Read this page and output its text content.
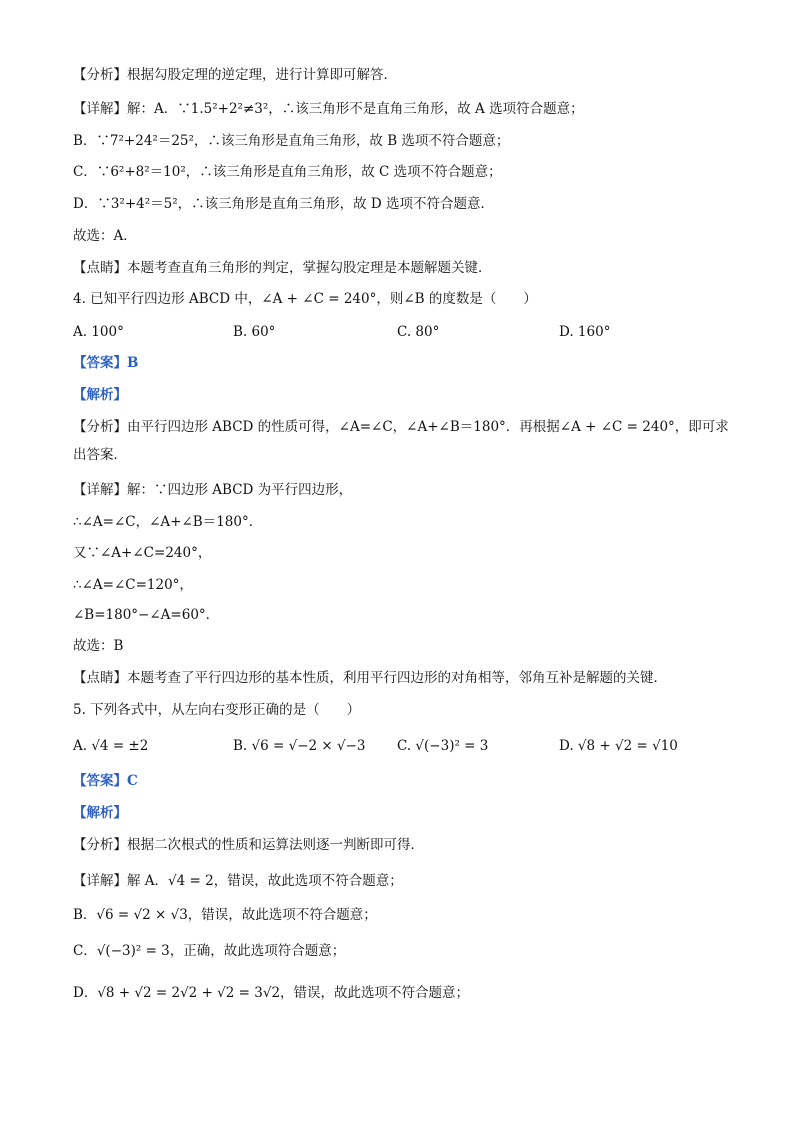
【分析】根据勾股定理的逆定理，进行计算即可解答．
【详解】解：A．∵1.5²+2²≠3²，∴该三角形不是直角三角形，故 A 选项符合题意；
B．∵7²+24²＝25²，∴该三角形是直角三角形，故 B 选项不符合题意；
C．∵6²+8²＝10²，∴该三角形是直角三角形，故 C 选项不符合题意；
D．∵3²+4²＝5²，∴该三角形是直角三角形，故 D 选项不符合题意．
故选：A．
【点睛】本题考查直角三角形的判定，掌握勾股定理是本题解题关键．
4. 已知平行四边形 ABCD 中，∠A + ∠C = 240°，则∠B 的度数是（　　）
A. 100°	B. 60°	C. 80°	D. 160°
【答案】B
【解析】
【分析】由平行四边形 ABCD 的性质可得，∠A=∠C，∠A+∠B＝180°．再根据∠A + ∠C = 240°，即可求
出答案．
【详解】解：∵四边形 ABCD 为平行四边形，
∴∠A=∠C，∠A+∠B＝180°．
又∵∠A+∠C=240°，
∴∠A=∠C=120°，
∠B=180°−∠A=60°．
故选：B
【点睛】本题考查了平行四边形的基本性质，利用平行四边形的对角相等，邻角互补是解题的关键．
5. 下列各式中，从左向右变形正确的是（　　）
A. √4 = ±2	B. √6 = √−2 × √−3 C. √(−3)² = 3	D. √8 + √2 = √10
【答案】C
【解析】
【分析】根据二次根式的性质和运算法则逐一判断即可得．
【详解】解 A．√4 = 2，错误，故此选项不符合题意；
B．√6 = √2 × √3，错误，故此选项不符合题意；
C．√(−3)² = 3，正确，故此选项符合题意；
D．√8 + √2 = 2√2 + √2 = 3√2，错误，故此选项不符合题意；
